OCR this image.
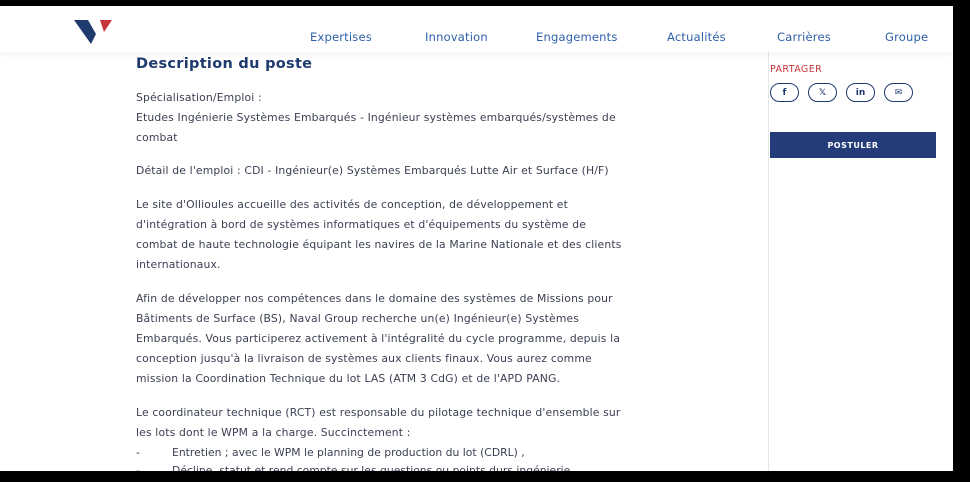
Expertises	Innovation	Engagements	Actualités	Carrières	Groupe
Description du poste
Spécialisation/Emploi :
Etudes Ingénierie Systèmes Embarqués - Ingénieur systèmes embarqués/systèmes de
combat
Détail de l'emploi : CDI - Ingénieur(e) Systèmes Embarqués Lutte Air et Surface (H/F)
Le site d'Ollioules accueille des activités de conception, de développement et
d'intégration à bord de systèmes informatiques et d'équipements du système de
combat de haute technologie équipant les navires de la Marine Nationale et des clients
internationaux.
Afin de développer nos compétences dans le domaine des systèmes de Missions pour
Bâtiments de Surface (BS), Naval Group recherche un(e) Ingénieur(e) Systèmes
Embarqués. Vous participerez activement à l'intégralité du cycle programme, depuis la
conception jusqu'à la livraison de systèmes aux clients finaux. Vous aurez comme
mission la Coordination Technique du lot LAS (ATM 3 CdG) et de l'APD PANG.
Le coordinateur technique (RCT) est responsable du pilotage technique d'ensemble sur
les lots dont le WPM a la charge. Succinctement :
-	Entretien ; avec le WPM le planning de production du lot (CDRL) ,
PARTAGER
f	𝕏	in	✉
POSTULER
